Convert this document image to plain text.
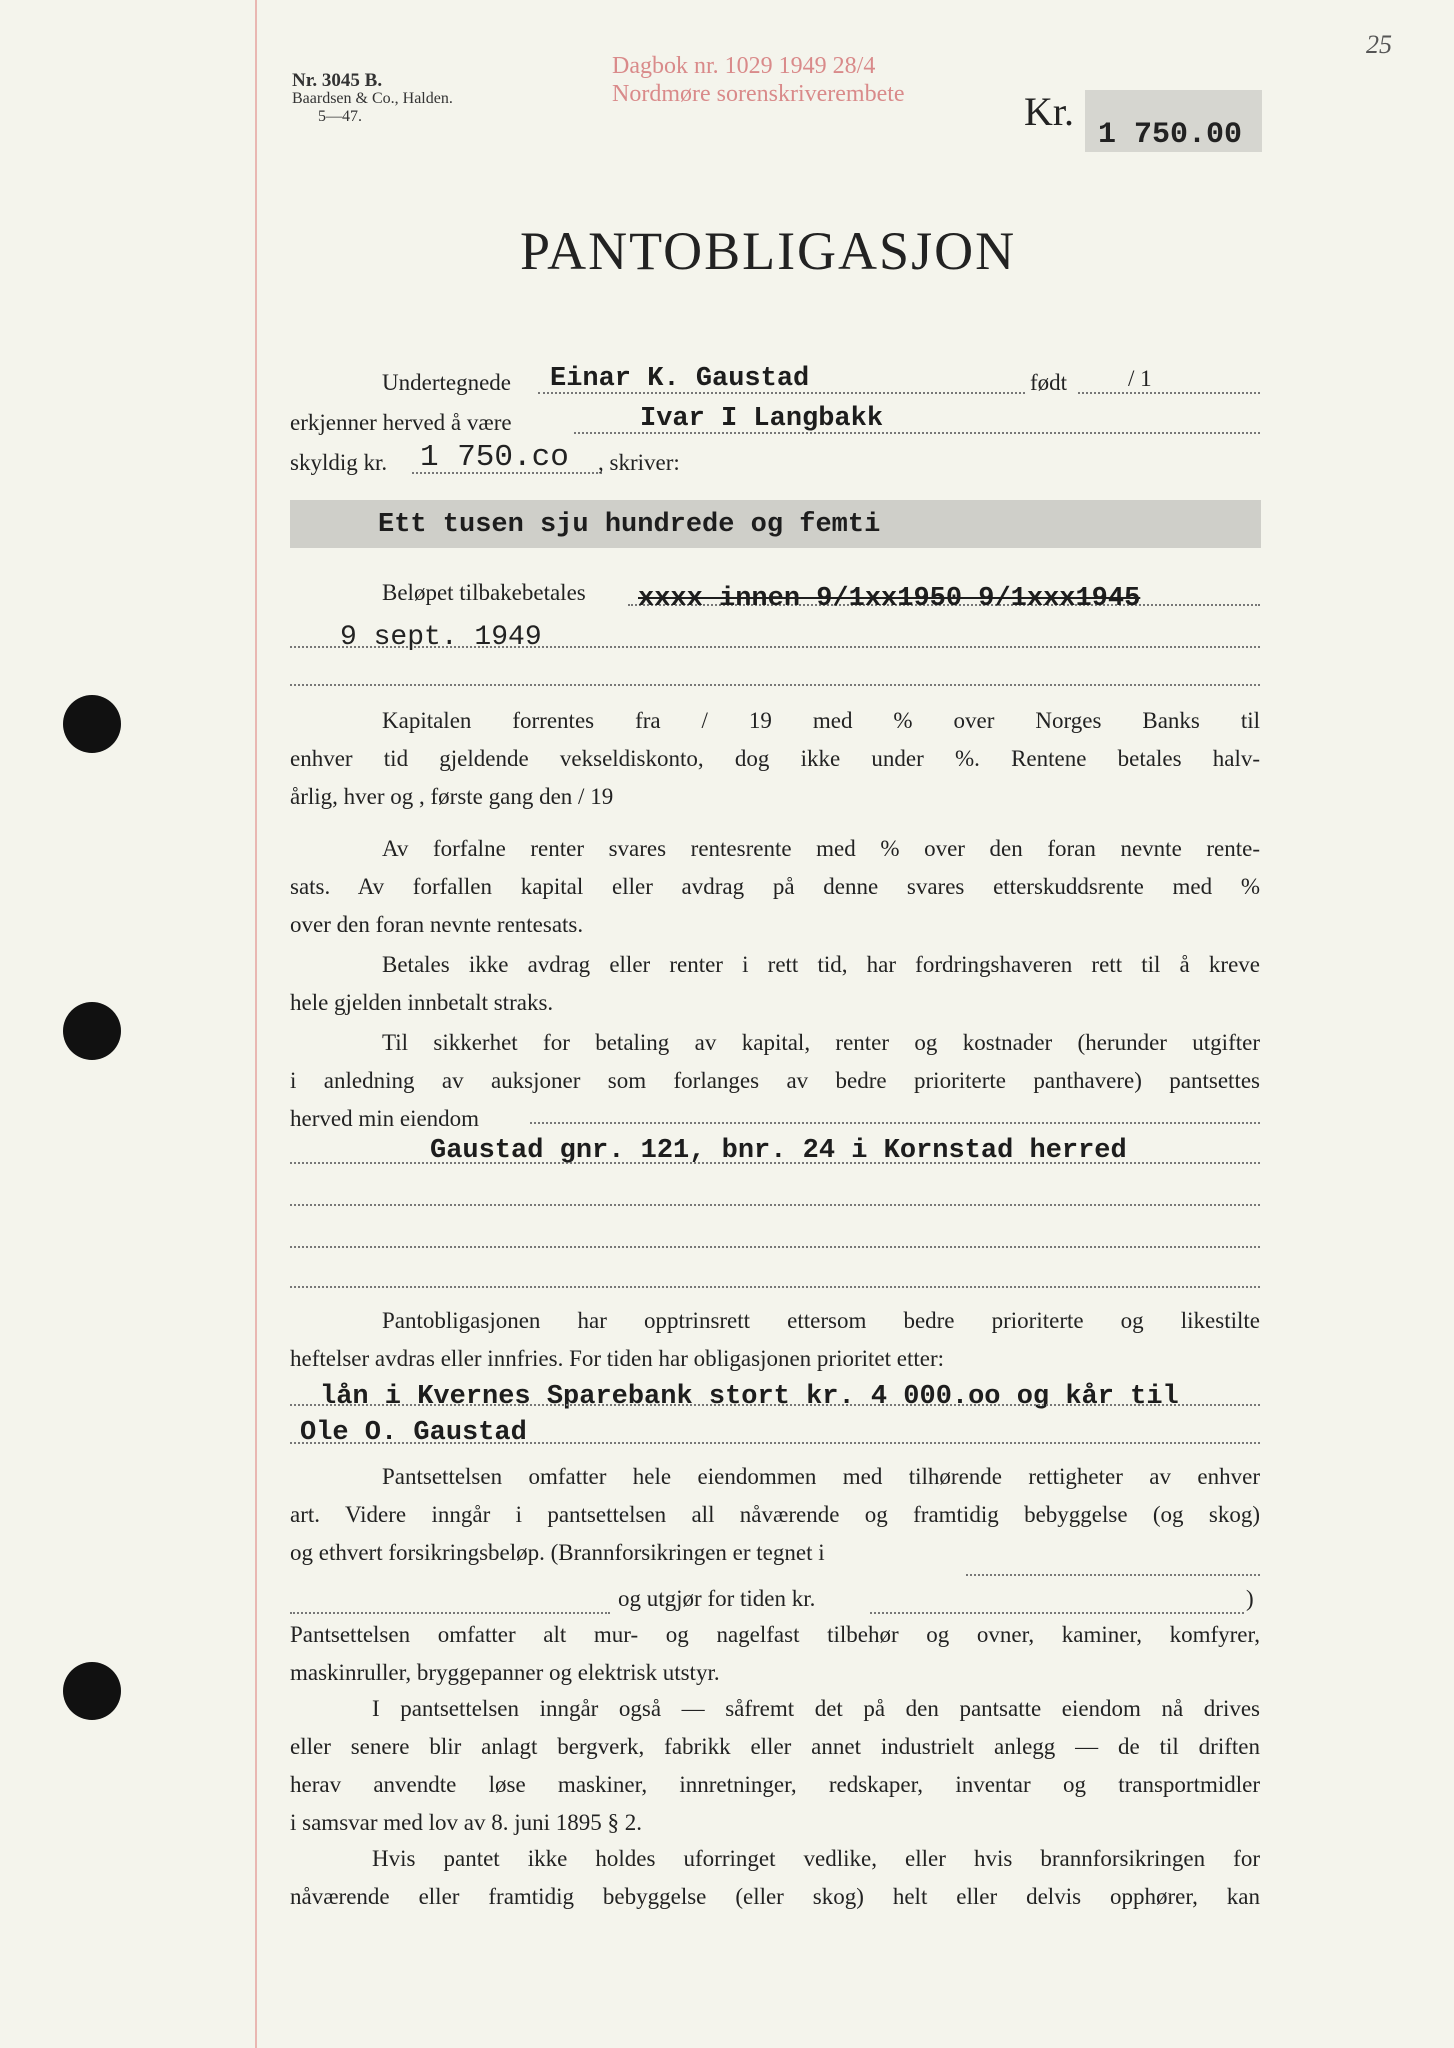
Nr. 3045 B.
Baardsen & Co., Halden.
5—47.
Dagbok nr. 1029 1949 28/4
Nordmøre sorenskriverembete
25
Kr.
1 750.00
PANTOBLIGASJON
Undertegnede Einar K. Gaustad	født	/ 1
erkjenner herved å være	Ivar I Langbakk
skyldig kr. 1 750.co , skriver:
Ett tusen sju hundrede og femti
Beløpet tilbakebetales xxxx innen 9/1xx1950 9/1xxx1945
9 sept. 1949
Kapitalen forrentes fra / 19 med % over Norges Banks til
enhver tid gjeldende vekseldiskonto, dog ikke under %. Rentene betales halv-
årlig, hver og , første gang den / 19
Av forfalne renter svares rentesrente med % over den foran nevnte rente-
sats. Av forfallen kapital eller avdrag på denne svares etterskuddsrente med %
over den foran nevnte rentesats.
Betales ikke avdrag eller renter i rett tid, har fordringshaveren rett til å kreve
hele gjelden innbetalt straks.
Til sikkerhet for betaling av kapital, renter og kostnader (herunder utgifter
i anledning av auksjoner som forlanges av bedre prioriterte panthavere) pantsettes
herved min eiendom
Gaustad gnr. 121, bnr. 24 i Kornstad herred
Pantobligasjonen har opptrinsrett ettersom bedre prioriterte og likestilte
heftelser avdras eller innfries. For tiden har obligasjonen prioritet etter:
lån i Kvernes Sparebank stort kr. 4 000.oo og kår til
Ole O. Gaustad
Pantsettelsen omfatter hele eiendommen med tilhørende rettigheter av enhver
art. Videre inngår i pantsettelsen all nåværende og framtidig bebyggelse (og skog)
og ethvert forsikringsbeløp. (Brannforsikringen er tegnet i
og utgjør for tiden kr.	)
Pantsettelsen omfatter alt mur- og nagelfast tilbehør og ovner, kaminer, komfyrer,
maskinruller, bryggepanner og elektrisk utstyr.
I pantsettelsen inngår også — såfremt det på den pantsatte eiendom nå drives
eller senere blir anlagt bergverk, fabrikk eller annet industrielt anlegg — de til driften
herav anvendte løse maskiner, innretninger, redskaper, inventar og transportmidler
i samsvar med lov av 8. juni 1895 § 2.
Hvis pantet ikke holdes uforringet vedlike, eller hvis brannforsikringen for
nåværende eller framtidig bebyggelse (eller skog) helt eller delvis opphører, kan
